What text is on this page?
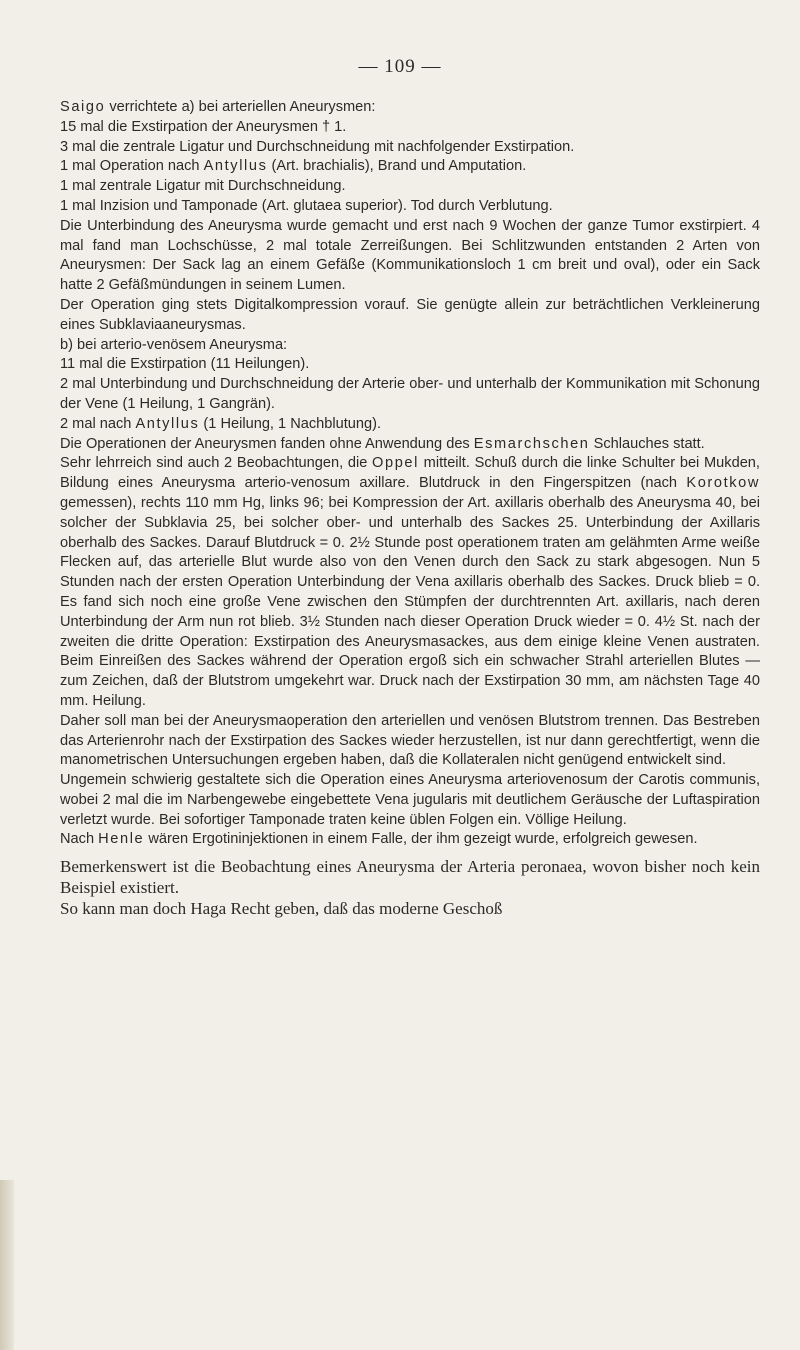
— 109 —

Saigo verrichtete a) bei arteriellen Aneurysmen:

15 mal die Exstirpation der Aneurysmen † 1.

3 mal die zentrale Ligatur und Durchschneidung mit nachfolgender Exstirpation.

1 mal Operation nach Antyllus (Art. brachialis), Brand und Amputation.

1 mal zentrale Ligatur mit Durchschneidung.

1 mal Inzision und Tamponade (Art. glutaea superior). Tod durch Verblutung.

Die Unterbindung des Aneurysma wurde gemacht und erst nach 9 Wochen der ganze Tumor exstirpiert. 4 mal fand man Lochschüsse, 2 mal totale Zerreißungen. Bei Schlitzwunden entstanden 2 Arten von Aneurysmen: Der Sack lag an einem Gefäße (Kommunikationsloch 1 cm breit und oval), oder ein Sack hatte 2 Gefäßmündungen in seinem Lumen.

Der Operation ging stets Digitalkompression vorauf. Sie genügte allein zur beträchtlichen Verkleinerung eines Subklaviaaneurysmas.

b) bei arterio-venösem Aneurysma:

11 mal die Exstirpation (11 Heilungen).

2 mal Unterbindung und Durchschneidung der Arterie ober- und unterhalb der Kommunikation mit Schonung der Vene (1 Heilung, 1 Gangrän).

2 mal nach Antyllus (1 Heilung, 1 Nachblutung).

Die Operationen der Aneurysmen fanden ohne Anwendung des Esmarchschen Schlauches statt.

Sehr lehrreich sind auch 2 Beobachtungen, die Oppel mitteilt. Schuß durch die linke Schulter bei Mukden, Bildung eines Aneurysma arterio-venosum axillare. Blutdruck in den Fingerspitzen (nach Korotkow gemessen), rechts 110 mm Hg, links 96; bei Kompression der Art. axillaris oberhalb des Aneurysma 40, bei solcher der Subklavia 25, bei solcher ober- und unterhalb des Sackes 25. Unterbindung der Axillaris oberhalb des Sackes. Darauf Blutdruck = 0. 2½ Stunde post operationem traten am gelähmten Arme weiße Flecken auf, das arterielle Blut wurde also von den Venen durch den Sack zu stark abgesogen. Nun 5 Stunden nach der ersten Operation Unterbindung der Vena axillaris oberhalb des Sackes. Druck blieb = 0. Es fand sich noch eine große Vene zwischen den Stümpfen der durchtrennten Art. axillaris, nach deren Unterbindung der Arm nun rot blieb. 3½ Stunden nach dieser Operation Druck wieder = 0. 4½ St. nach der zweiten die dritte Operation: Exstirpation des Aneurysmasackes, aus dem einige kleine Venen austraten. Beim Einreißen des Sackes während der Operation ergoß sich ein schwacher Strahl arteriellen Blutes — zum Zeichen, daß der Blutstrom umgekehrt war. Druck nach der Exstirpation 30 mm, am nächsten Tage 40 mm. Heilung.

Daher soll man bei der Aneurysmaoperation den arteriellen und venösen Blutstrom trennen. Das Bestreben das Arterienrohr nach der Exstirpation des Sackes wieder herzustellen, ist nur dann gerechtfertigt, wenn die manometrischen Untersuchungen ergeben haben, daß die Kollateralen nicht genügend entwickelt sind.

Ungemein schwierig gestaltete sich die Operation eines Aneurysma arteriovenosum der Carotis communis, wobei 2 mal die im Narbengewebe eingebettete Vena jugularis mit deutlichem Geräusche der Luftaspiration verletzt wurde. Bei sofortiger Tamponade traten keine üblen Folgen ein. Völlige Heilung.

Nach Henle wären Ergotininjektionen in einem Falle, der ihm gezeigt wurde, erfolgreich gewesen.

Bemerkenswert ist die Beobachtung eines Aneurysma der Arteria peronaea, wovon bisher noch kein Beispiel existiert.

So kann man doch Haga Recht geben, daß das moderne Geschoß
